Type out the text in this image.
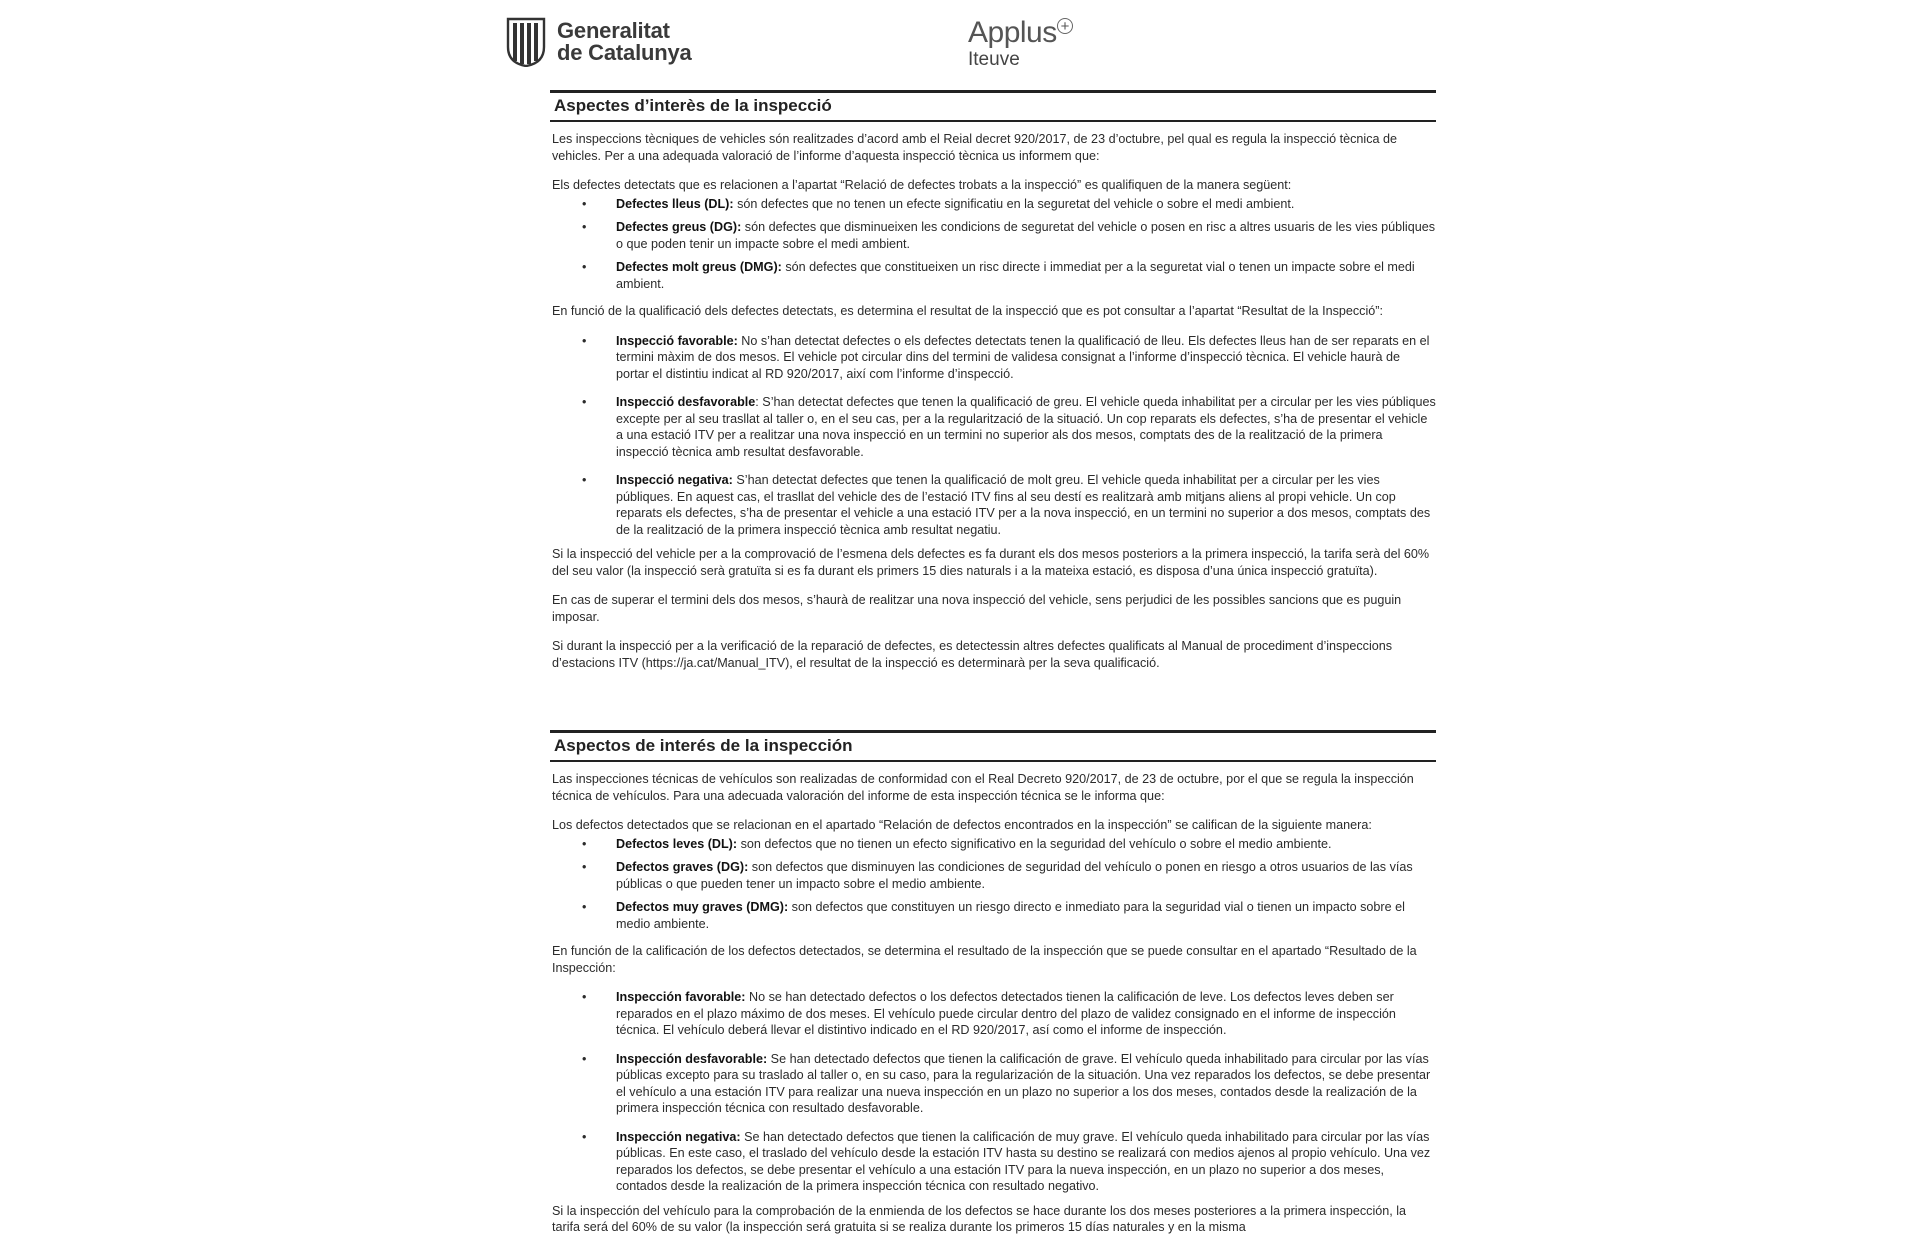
Generalitat
de Catalunya
Applus +
Iteuve
Aspectes d’interès de la inspecció

Les inspeccions tècniques de vehicles són realitzades d’acord amb el Reial decret 920/2017, de 23 d’octubre, pel qual es regula la inspecció tècnica de vehicles. Per a una adequada valoració de l’informe d’aquesta inspecció tècnica us informem que:

Els defectes detectats que es relacionen a l’apartat “Relació de defectes trobats a la inspecció” es qualifiquen de la manera següent:

• Defectes lleus (DL): són defectes que no tenen un efecte significatiu en la seguretat del vehicle o sobre el medi ambient.
• Defectes greus (DG): són defectes que disminueixen les condicions de seguretat del vehicle o posen en risc a altres usuaris de les vies públiques o que poden tenir un impacte sobre el medi ambient.
• Defectes molt greus (DMG): són defectes que constitueixen un risc directe i immediat per a la seguretat vial o tenen un impacte sobre el medi ambient.

En funció de la qualificació dels defectes detectats, es determina el resultat de la inspecció que es pot consultar a l’apartat “Resultat de la Inspecció”:

• Inspecció favorable: No s’han detectat defectes o els defectes detectats tenen la qualificació de lleu. Els defectes lleus han de ser reparats en el termini màxim de dos mesos. El vehicle pot circular dins del termini de validesa consignat a l’informe d’inspecció tècnica. El vehicle haurà de portar el distintiu indicat al RD 920/2017, així com l’informe d’inspecció.
• Inspecció desfavorable: S’han detectat defectes que tenen la qualificació de greu. El vehicle queda inhabilitat per a circular per les vies públiques excepte per al seu trasllat al taller o, en el seu cas, per a la regularització de la situació. Un cop reparats els defectes, s’ha de presentar el vehicle a una estació ITV per a realitzar una nova inspecció en un termini no superior als dos mesos, comptats des de la realització de la primera inspecció tècnica amb resultat desfavorable.
• Inspecció negativa: S’han detectat defectes que tenen la qualificació de molt greu. El vehicle queda inhabilitat per a circular per les vies públiques. En aquest cas, el trasllat del vehicle des de l’estació ITV fins al seu destí es realitzarà amb mitjans aliens al propi vehicle. Un cop reparats els defectes, s’ha de presentar el vehicle a una estació ITV per a la nova inspecció, en un termini no superior a dos mesos, comptats des de la realització de la primera inspecció tècnica amb resultat negatiu.

Si la inspecció del vehicle per a la comprovació de l’esmena dels defectes es fa durant els dos mesos posteriors a la primera inspecció, la tarifa serà del 60% del seu valor (la inspecció serà gratuïta si es fa durant els primers 15 dies naturals i a la mateixa estació, es disposa d’una única inspecció gratuïta).

En cas de superar el termini dels dos mesos, s’haurà de realitzar una nova inspecció del vehicle, sens perjudici de les possibles sancions que es puguin imposar.

Si durant la inspecció per a la verificació de la reparació de defectes, es detectessin altres defectes qualificats al Manual de procediment d’inspeccions d’estacions ITV (https://ja.cat/Manual_ITV), el resultat de la inspecció es determinarà per la seva qualificació.

Aspectos de interés de la inspección

Las inspecciones técnicas de vehículos son realizadas de conformidad con el Real Decreto 920/2017, de 23 de octubre, por el que se regula la inspección técnica de vehículos. Para una adecuada valoración del informe de esta inspección técnica se le informa que:

Los defectos detectados que se relacionan en el apartado “Relación de defectos encontrados en la inspección” se califican de la siguiente manera:

• Defectos leves (DL): son defectos que no tienen un efecto significativo en la seguridad del vehículo o sobre el medio ambiente.
• Defectos graves (DG): son defectos que disminuyen las condiciones de seguridad del vehículo o ponen en riesgo a otros usuarios de las vías públicas o que pueden tener un impacto sobre el medio ambiente.
• Defectos muy graves (DMG): son defectos que constituyen un riesgo directo e inmediato para la seguridad vial o tienen un impacto sobre el medio ambiente.

En función de la calificación de los defectos detectados, se determina el resultado de la inspección que se puede consultar en el apartado “Resultado de la Inspección:

• Inspección favorable: No se han detectado defectos o los defectos detectados tienen la calificación de leve. Los defectos leves deben ser reparados en el plazo máximo de dos meses. El vehículo puede circular dentro del plazo de validez consignado en el informe de inspección técnica. El vehículo deberá llevar el distintivo indicado en el RD 920/2017, así como el informe de inspección.
• Inspección desfavorable: Se han detectado defectos que tienen la calificación de grave. El vehículo queda inhabilitado para circular por las vías públicas excepto para su traslado al taller o, en su caso, para la regularización de la situación. Una vez reparados los defectos, se debe presentar el vehículo a una estación ITV para realizar una nueva inspección en un plazo no superior a los dos meses, contados desde la realización de la primera inspección técnica con resultado desfavorable.
• Inspección negativa: Se han detectado defectos que tienen la calificación de muy grave. El vehículo queda inhabilitado para circular por las vías públicas. En este caso, el traslado del vehículo desde la estación ITV hasta su destino se realizará con medios ajenos al propio vehículo. Una vez reparados los defectos, se debe presentar el vehículo a una estación ITV para la nueva inspección, en un plazo no superior a dos meses, contados desde la realización de la primera inspección técnica con resultado negativo.

Si la inspección del vehículo para la comprobación de la enmienda de los defectos se hace durante los dos meses posteriores a la primera inspección, la tarifa será del 60% de su valor (la inspección será gratuita si se realiza durante los primeros 15 días naturales y en la misma
